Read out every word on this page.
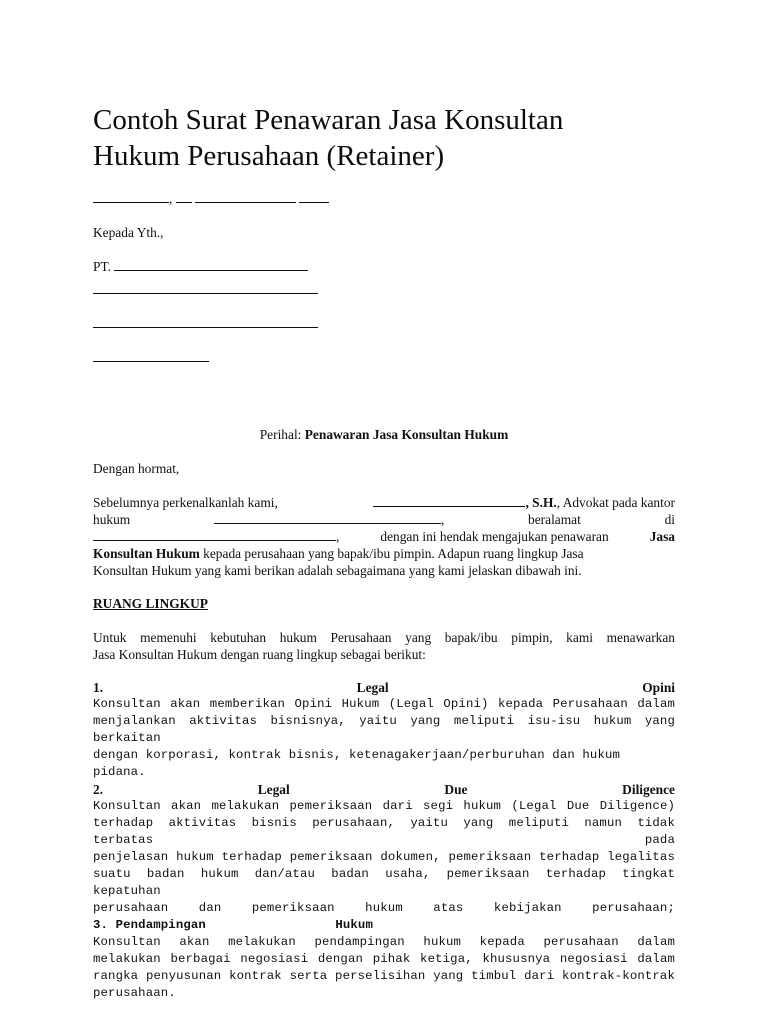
Contoh Surat Penawaran Jasa Konsultan
Hukum Perusahaan (Retainer)
,
Kepada Yth.,
PT.
Perihal: Penawaran Jasa Konsultan Hukum
Dengan hormat,
Sebelumnya perkenalkanlah kami,	, S.H., Advokat pada kantor
hukum	,	beralamat	di
,	dengan ini hendak mengajukan penawaran	Jasa
Konsultan Hukum kepada perusahaan yang bapak/ibu pimpin. Adapun ruang lingkup Jasa
Konsultan Hukum yang kami berikan adalah sebagaimana yang kami jelaskan dibawah ini.
RUANG LINGKUP
Untuk memenuhi kebutuhan hukum Perusahaan yang bapak/ibu pimpin, kami menawarkan
Jasa Konsultan Hukum dengan ruang lingkup sebagai berikut:
1.	Legal	Opini
Konsultan akan memberikan Opini Hukum (Legal Opini) kepada Perusahaan dalam
menjalankan aktivitas bisnisnya, yaitu yang meliputi isu-isu hukum yang berkaitan
dengan korporasi, kontrak bisnis, ketenagakerjaan/perburuhan dan hukum pidana.
2.	Legal	Due	Diligence
Konsultan akan melakukan pemeriksaan dari segi hukum (Legal Due Diligence)
terhadap aktivitas bisnis perusahaan, yaitu yang meliputi namun tidak terbatas pada
penjelasan hukum terhadap pemeriksaan dokumen, pemeriksaan terhadap legalitas
suatu badan hukum dan/atau badan usaha, pemeriksaan terhadap tingkat kepatuhan
perusahaan dan pemeriksaan hukum atas kebijakan perusahaan;
3. Pendampingan	Hukum
Konsultan akan melakukan pendampingan hukum kepada perusahaan dalam
melakukan berbagai negosiasi dengan pihak ketiga, khususnya negosiasi dalam
rangka penyusunan kontrak serta perselisihan yang timbul dari kontrak-kontrak
perusahaan.
